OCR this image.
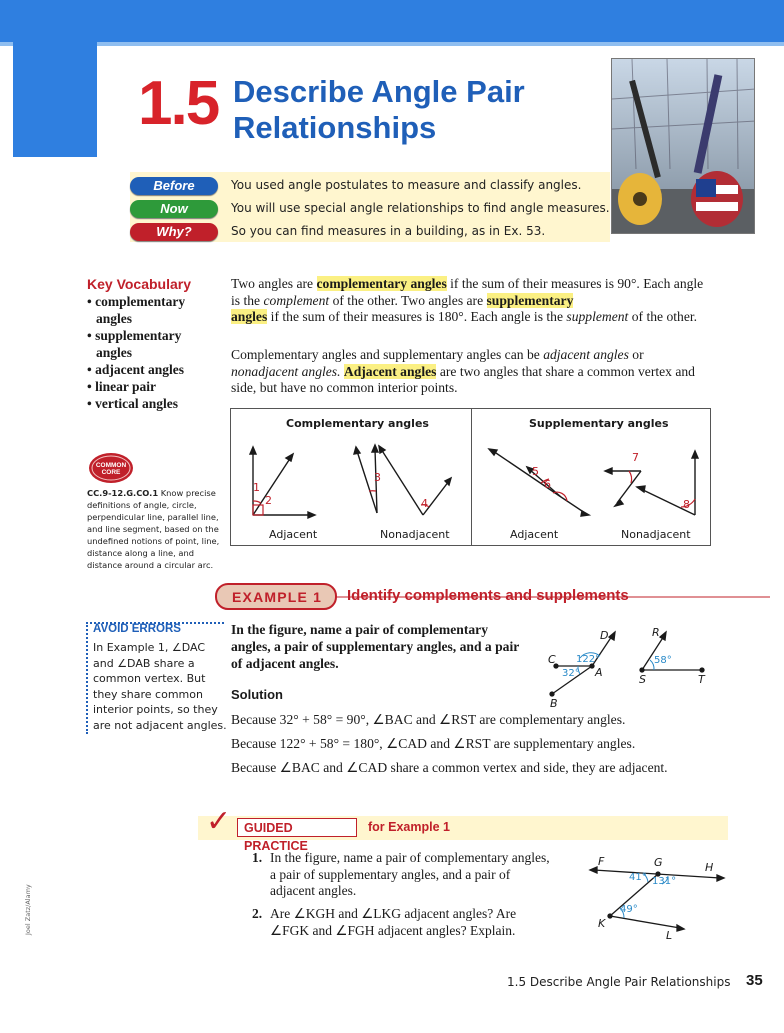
1.5 Describe Angle Pair
Relationships
Before	You used angle postulates to measure and classify angles.
Now	You will use special angle relationships to find angle measures.
Why?	So you can find measures in a building, as in Ex. 53.
Key Vocabulary
• complementary
angles
• supplementary
angles
• adjacent angles
• linear pair
• vertical angles
Two angles are complementary angles if the sum of their measures is 90°. Each angle is the complement of the other. Two angles are supplementary
angles if the sum of their measures is 180°. Each angle is the supplement of the other.
Complementary angles and supplementary angles can be adjacent angles or nonadjacent angles. Adjacent angles are two angles that share a common vertex and side, but have no common interior points.
Complementary angles	Supplementary angles
1
2
3
4
5
6
7
8
Adjacent	Nonadjacent	Adjacent	Nonadjacent
COMMON
CORE
CC.9-12.G.CO.1 Know precise definitions of angle, circle, perpendicular line, parallel line, and line segment, based on the undefined notions of point, line, distance along a line, and distance around a circular arc.
EXAMPLE 1 Identify complements and supplements
AVOID ERRORS
In Example 1, ∠DAC and ∠DAB share a common vertex. But they share common interior points, so they are not adjacent angles.
In the figure, name a pair of complementary angles, a pair of supplementary angles, and a pair of adjacent angles.
Solution
Because 32° + 58° = 90°, ∠BAC and ∠RST are complementary angles.
Because 122° + 58° = 180°, ∠CAD and ∠RST are supplementary angles.
Because ∠BAC and ∠CAD share a common vertex and side, they are adjacent.
D	R
C
A
S	T
B
122°
32°
58°
✓	GUIDED PRACTICE
for Example 1
1. In the figure, name a pair of complementary angles, a pair of supplementary angles, and a pair of adjacent angles.
2. Are ∠KGH and ∠LKG adjacent angles? Are ∠FGK and ∠FGH adjacent angles? Explain.
F	G	H
K
L
41° 131°
49°
Joel Zatz/Alamy
1.5 Describe Angle Pair Relationships 35
